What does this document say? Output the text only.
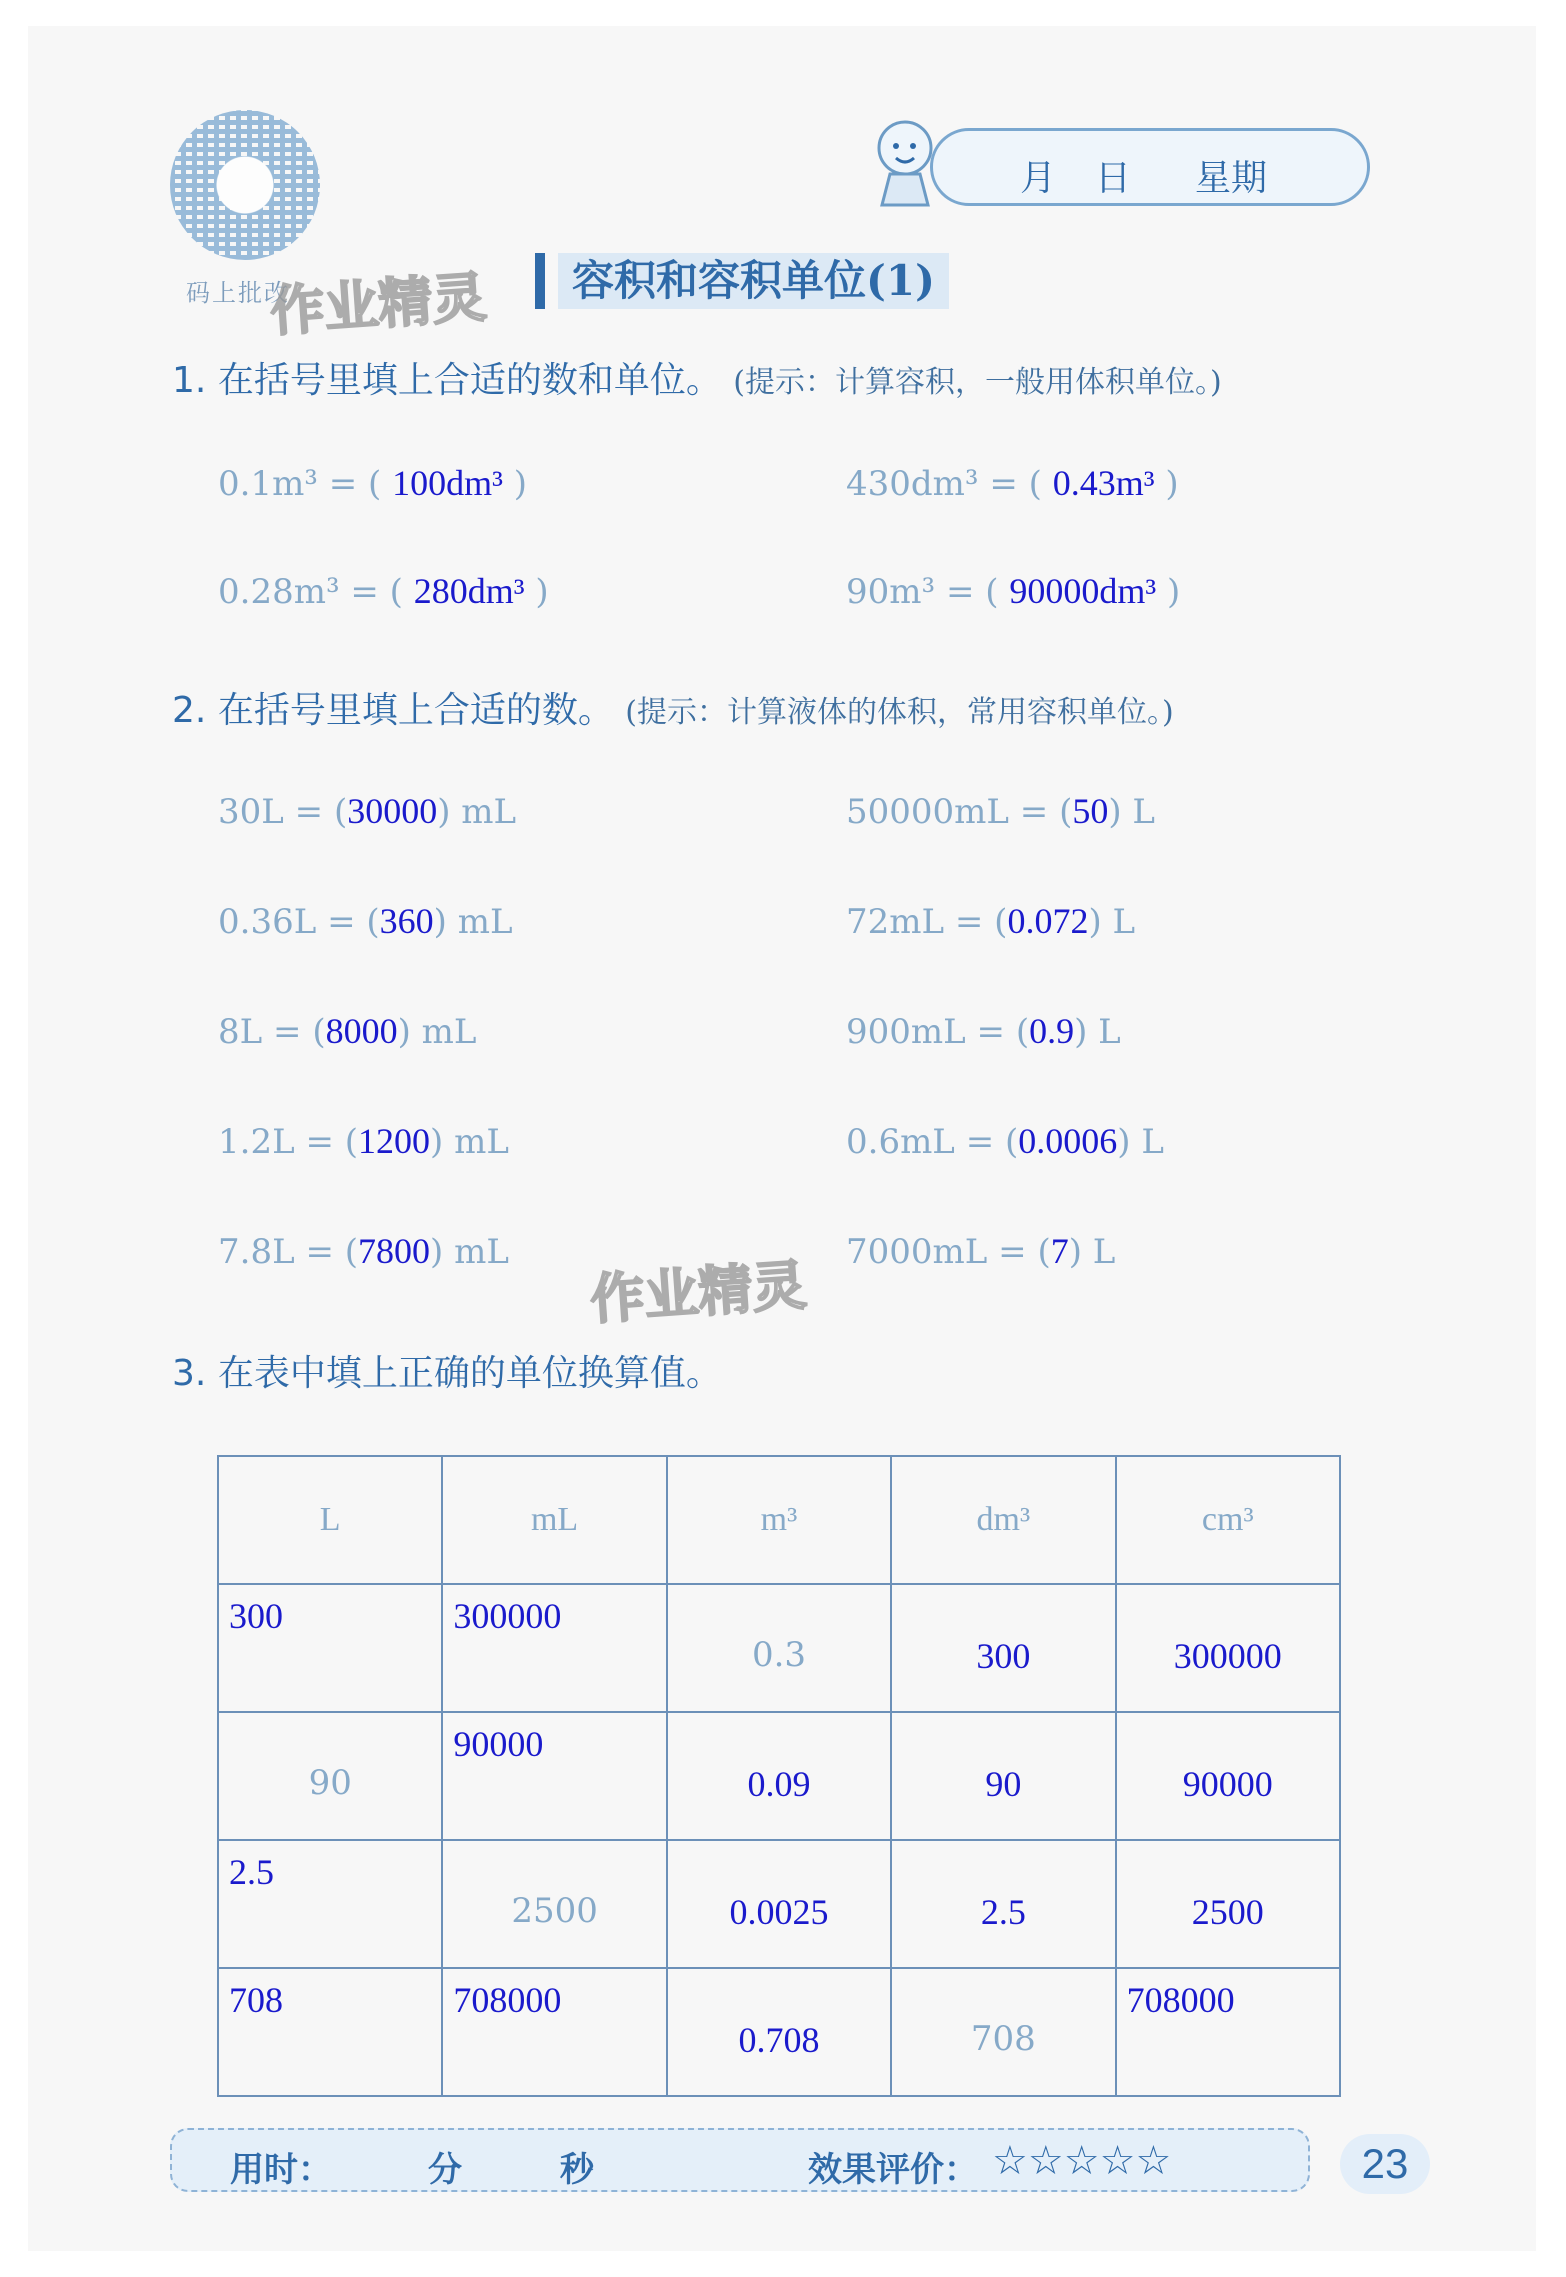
码上批改
月 日 星期
容积和容积单位(1)
作业精灵
作业精灵
1. 在括号里填上合适的数和单位。 (提示：计算容积，一般用体积单位。)
0.1m³ = ( 100dm³ )	430dm³ = ( 0.43m³ )
0.28m³ = ( 280dm³ )	90m³ = ( 90000dm³ )
2. 在括号里填上合适的数。 (提示：计算液体的体积，常用容积单位。)
30L = (30000) mL	50000mL = (50) L
0.36L = (360) mL	72mL = (0.072) L
8L = (8000) mL	900mL = (0.9) L
1.2L = (1200) mL	0.6mL = (0.0006) L
7.8L = (7800) mL	7000mL = (7) L
3. 在表中填上正确的单位换算值。
L	mL	m³	dm³	cm³

300	300000	0.3	300	300000

90	90000	0.09	90	90000

2.5	2500	0.0025	2.5	2500

708	708000	0.708	708	708000
用时：	分	秒	效果评价： ☆☆☆☆☆	23
